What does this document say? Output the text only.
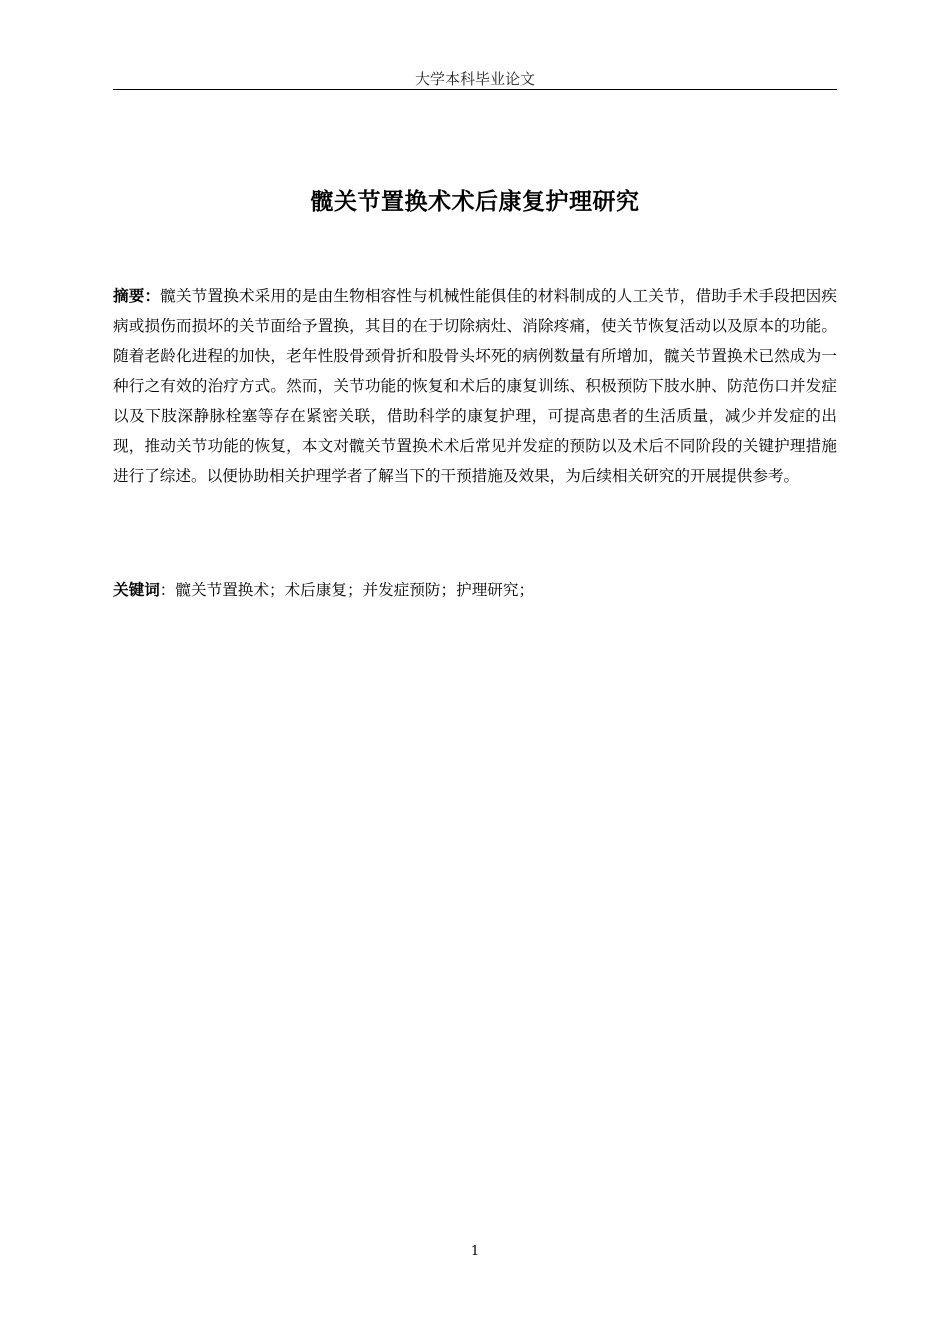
大学本科毕业论文
髋关节置换术术后康复护理研究

摘要：髋关节置换术采用的是由生物相容性与机械性能俱佳的材料制成的人工关节，借助手术手段把因疾病或损伤而损坏的关节面给予置换，其目的在于切除病灶、消除疼痛，使关节恢复活动以及原本的功能。随着老龄化进程的加快，老年性股骨颈骨折和股骨头坏死的病例数量有所增加，髋关节置换术已然成为一种行之有效的治疗方式。然而，关节功能的恢复和术后的康复训练、积极预防下肢水肿、防范伤口并发症以及下肢深静脉栓塞等存在紧密关联，借助科学的康复护理，可提高患者的生活质量，减少并发症的出现，推动关节功能的恢复，本文对髋关节置换术术后常见并发症的预防以及术后不同阶段的关键护理措施进行了综述。以便协助相关护理学者了解当下的干预措施及效果，为后续相关研究的开展提供参考。

关键词：髋关节置换术；术后康复；并发症预防；护理研究；

1
